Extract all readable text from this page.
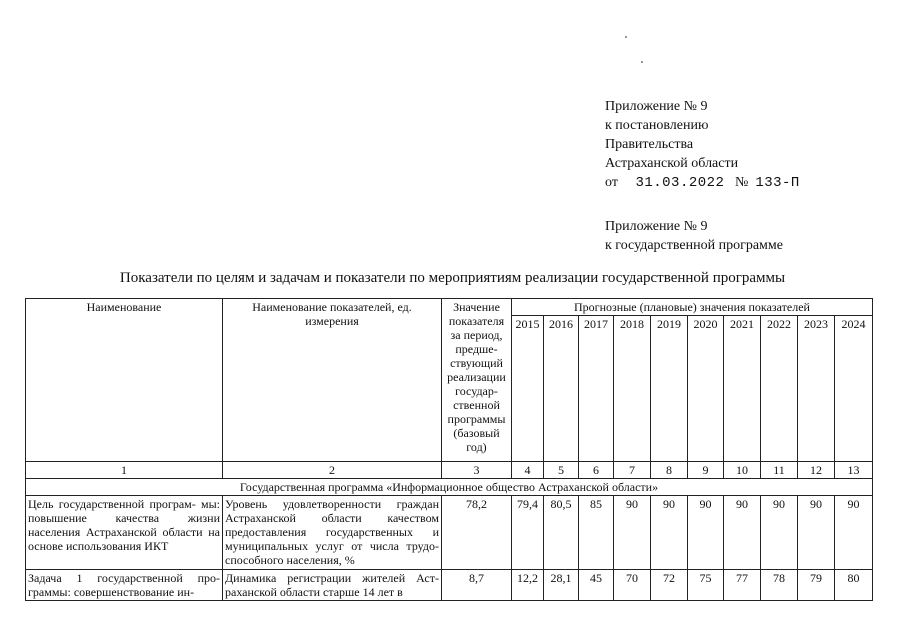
Приложение № 9
к постановлению
Правительства
Астраханской области
от 31.03.2022 № 133-П
Приложение № 9
к государственной программе
Показатели по целям и задачам и показатели по мероприятиям реализации государственной программы
Наименование	Наименование показателей, ед. измерения	Значение показателя за период, предше- ствующий реализации государ- ственной программы (базовый год)	Прогнозные (плановые) значения показателей									
			2015	2016	2017	2018	2019	2020	2021	2022	2023	2024
1	2	3	4	5	6	7	8	9	10	11	12	13
Государственная программа «Информационное общество Астраханской области»												
Цель государственной програм- мы: повышение качества жизни населения Астраханской области на основе использования ИКТ	Уровень удовлетворенности граждан Астраханской области качеством предоставления государственных и муниципальных услуг от числа трудо- способного населения, %	78,2	79,4	80,5	85	90	90	90	90	90	90	90
Задача 1 государственной про- граммы: совершенствование ин-	Динамика регистрации жителей Аст- раханской области старше 14 лет в	8,7	12,2	28,1	45	70	72	75	77	78	79	80
